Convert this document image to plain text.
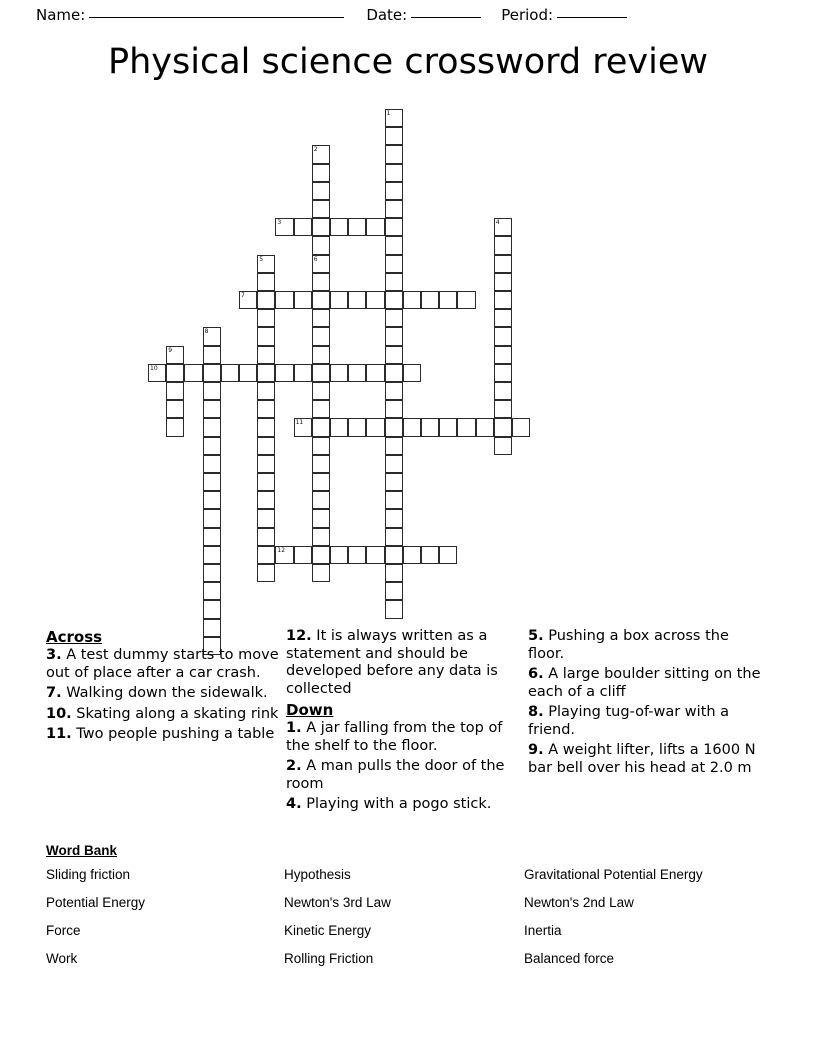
Name:	Date:	Period:
Physical science crossword review
1
2
6
3	4
5
7
8
9
10
11
12
Across

3. A test dummy starts to move out of place after a car crash.

7. Walking down the sidewalk.

10. Skating along a skating rink

11. Two people pushing a table

12. It is always written as a statement and should be developed before any data is collected

Down

1. A jar falling from the top of the shelf to the floor.

2. A man pulls the door of the room

4. Playing with a pogo stick.

5. Pushing a box across the floor.

6. A large boulder sitting on the each of a cliff

8. Playing tug-of-war with a friend.

9. A weight lifter, lifts a 1600 N bar bell over his head at 2.0 m

Word Bank
Sliding friction	Hypothesis	Gravitational Potential Energy
Potential Energy	Newton's 3rd Law	Newton's 2nd Law
Force	Kinetic Energy	Inertia
Work	Rolling Friction	Balanced force
